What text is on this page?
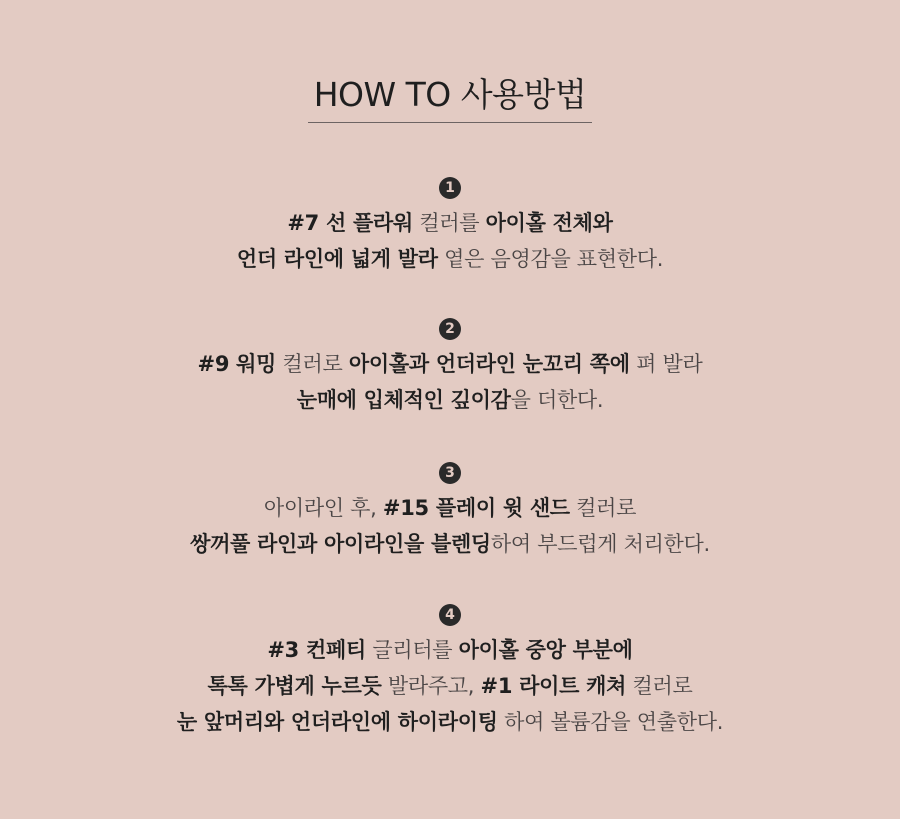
HOW TO 사용방법
1
#7 선 플라워 컬러를 아이홀 전체와
언더 라인에 넓게 발라 옅은 음영감을 표현한다.
2
#9 워밍 컬러로 아이홀과 언더라인 눈꼬리 쪽에 펴 발라
눈매에 입체적인 깊이감을 더한다.
3
아이라인 후, #15 플레이 윗 샌드 컬러로
쌍꺼풀 라인과 아이라인을 블렌딩하여 부드럽게 처리한다.
4
#3 컨페티 글리터를 아이홀 중앙 부분에
톡톡 가볍게 누르듯 발라주고, #1 라이트 캐쳐 컬러로
눈 앞머리와 언더라인에 하이라이팅 하여 볼륨감을 연출한다.
